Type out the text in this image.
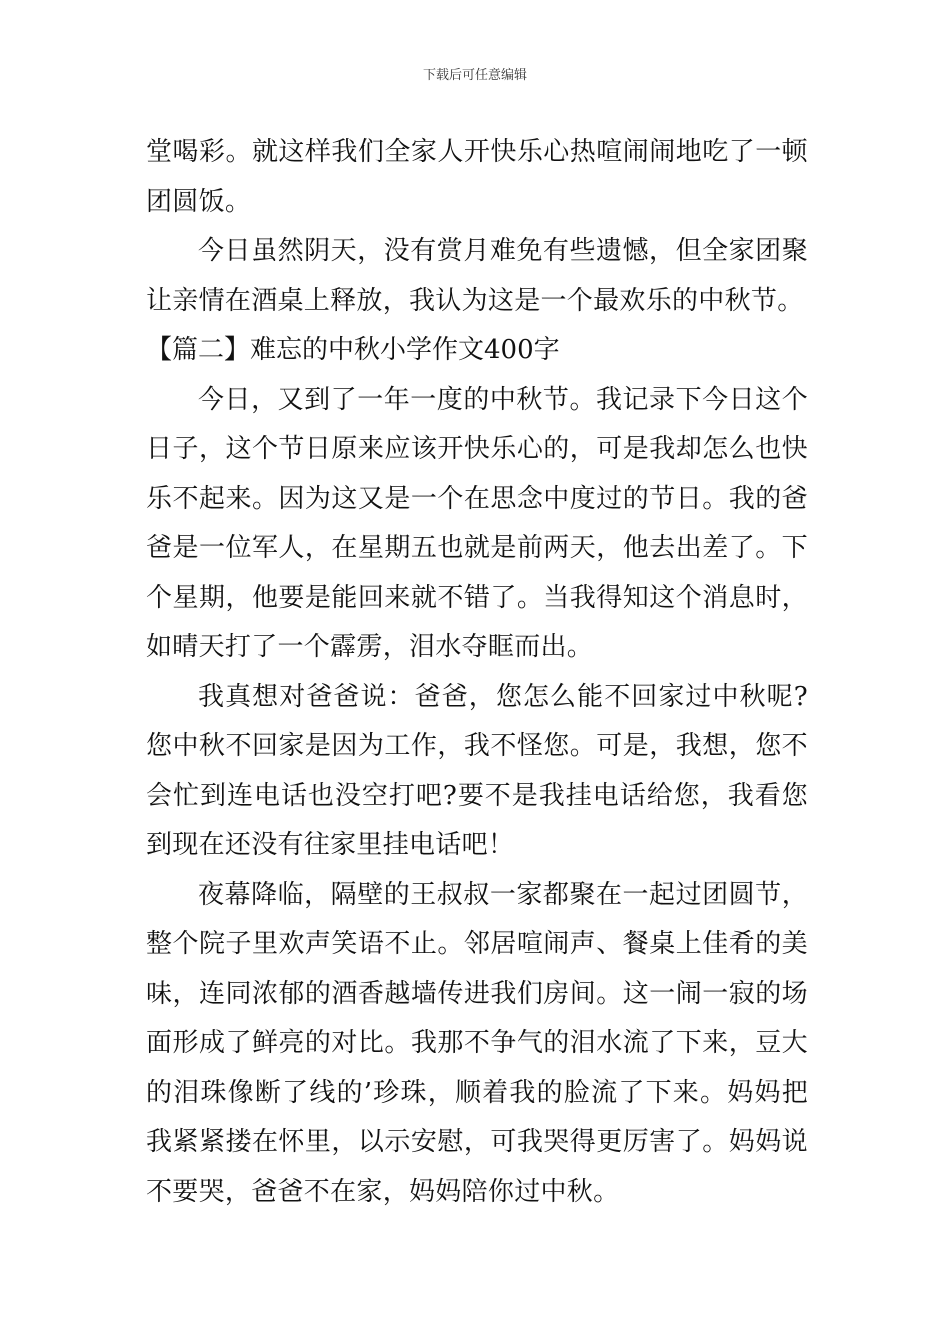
下载后可任意编辑

堂喝彩。就这样我们全家人开快乐心热喧闹闹地吃了一顿团圆饭。

今日虽然阴天，没有赏月难免有些遗憾，但全家团聚让亲情在酒桌上释放，我认为这是一个最欢乐的中秋节。

【篇二】难忘的中秋小学作文400字

今日，又到了一年一度的中秋节。我记录下今日这个日子，这个节日原来应该开快乐心的，可是我却怎么也快乐不起来。因为这又是一个在思念中度过的节日。我的爸爸是一位军人，在星期五也就是前两天，他去出差了。下个星期，他要是能回来就不错了。当我得知这个消息时，如晴天打了一个霹雳，泪水夺眶而出。

我真想对爸爸说：爸爸，您怎么能不回家过中秋呢?您中秋不回家是因为工作，我不怪您。可是，我想，您不会忙到连电话也没空打吧?要不是我挂电话给您，我看您到现在还没有往家里挂电话吧！

夜幕降临，隔壁的王叔叔一家都聚在一起过团圆节，整个院子里欢声笑语不止。邻居喧闹声、餐桌上佳肴的美味，连同浓郁的酒香越墙传进我们房间。这一闹一寂的场面形成了鲜亮的对比。我那不争气的泪水流了下来，豆大的泪珠像断了线的’珍珠，顺着我的脸流了下来。妈妈把我紧紧搂在怀里，以示安慰，可我哭得更厉害了。妈妈说不要哭，爸爸不在家，妈妈陪你过中秋。
